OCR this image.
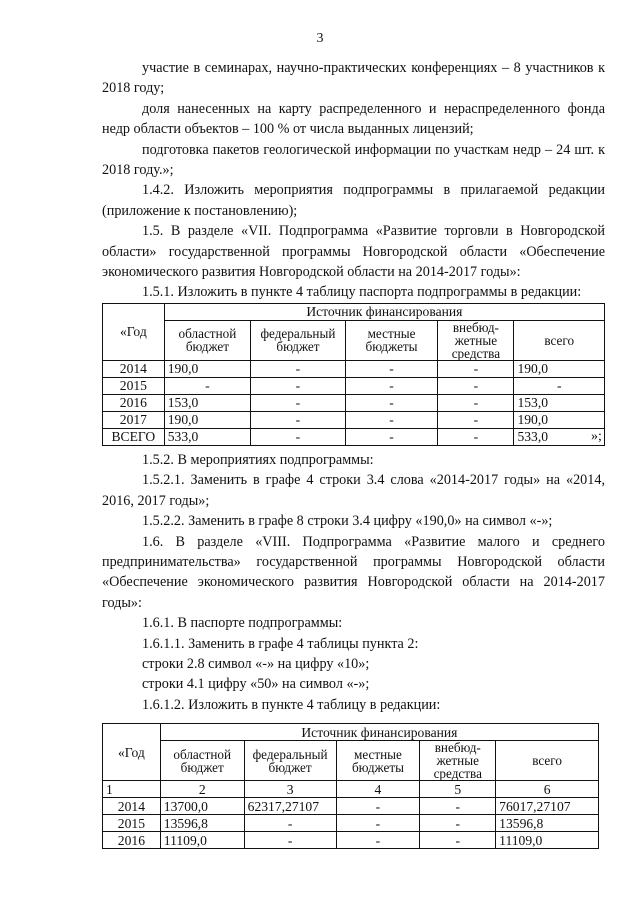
3

участие в семинарах, научно-практических конференциях – 8 участников к 2018 году;

доля нанесенных на карту распределенного и нераспределенного фонда недр области объектов – 100 % от числа выданных лицензий;

подготовка пакетов геологической информации по участкам недр – 24 шт. к 2018 году.»;

1.4.2. Изложить мероприятия подпрограммы в прилагаемой редакции (приложение к постановлению);

1.5. В разделе «VII. Подпрограмма «Развитие торговли в Новгородской области» государственной программы Новгородской области «Обеспечение экономического развития Новгородской области на 2014-2017 годы»:

1.5.1. Изложить в пункте 4 таблицу паспорта подпрограммы в редакции:

«Год	Источник финансирования				
	областной бюджет	федеральный бюджет	местные бюджеты	внебюд-жетные средства	всего
2014	190,0	-	-	-	190,0
2015	-	-	-	-	-
2016	153,0	-	-	-	153,0
2017	190,0	-	-	-	190,0
ВСЕГО	533,0	-	-	-	533,0	»;

1.5.2. В мероприятиях подпрограммы:

1.5.2.1. Заменить в графе 4 строки 3.4 слова «2014-2017 годы» на «2014, 2016, 2017 годы»;

1.5.2.2. Заменить в графе 8 строки 3.4 цифру «190,0» на символ «-»;

1.6. В разделе «VIII. Подпрограмма «Развитие малого и среднего предпринимательства» государственной программы Новгородской области «Обеспечение экономического развития Новгородской области на 2014-2017 годы»:

1.6.1. В паспорте подпрограммы:

1.6.1.1. Заменить в графе 4 таблицы пункта 2:

строки 2.8 символ «-» на цифру «10»;

строки 4.1 цифру «50» на символ «-»;

1.6.1.2. Изложить в пункте 4 таблицу в редакции:

«Год	Источник финансирования				
	областной бюджет	федеральный бюджет	местные бюджеты	внебюд-жетные средства	всего
1	2	3	4	5	6
2014	13700,0	62317,27107	-	-	76017,27107
2015	13596,8	-	-	-	13596,8
2016	11109,0	-	-	-	11109,0
